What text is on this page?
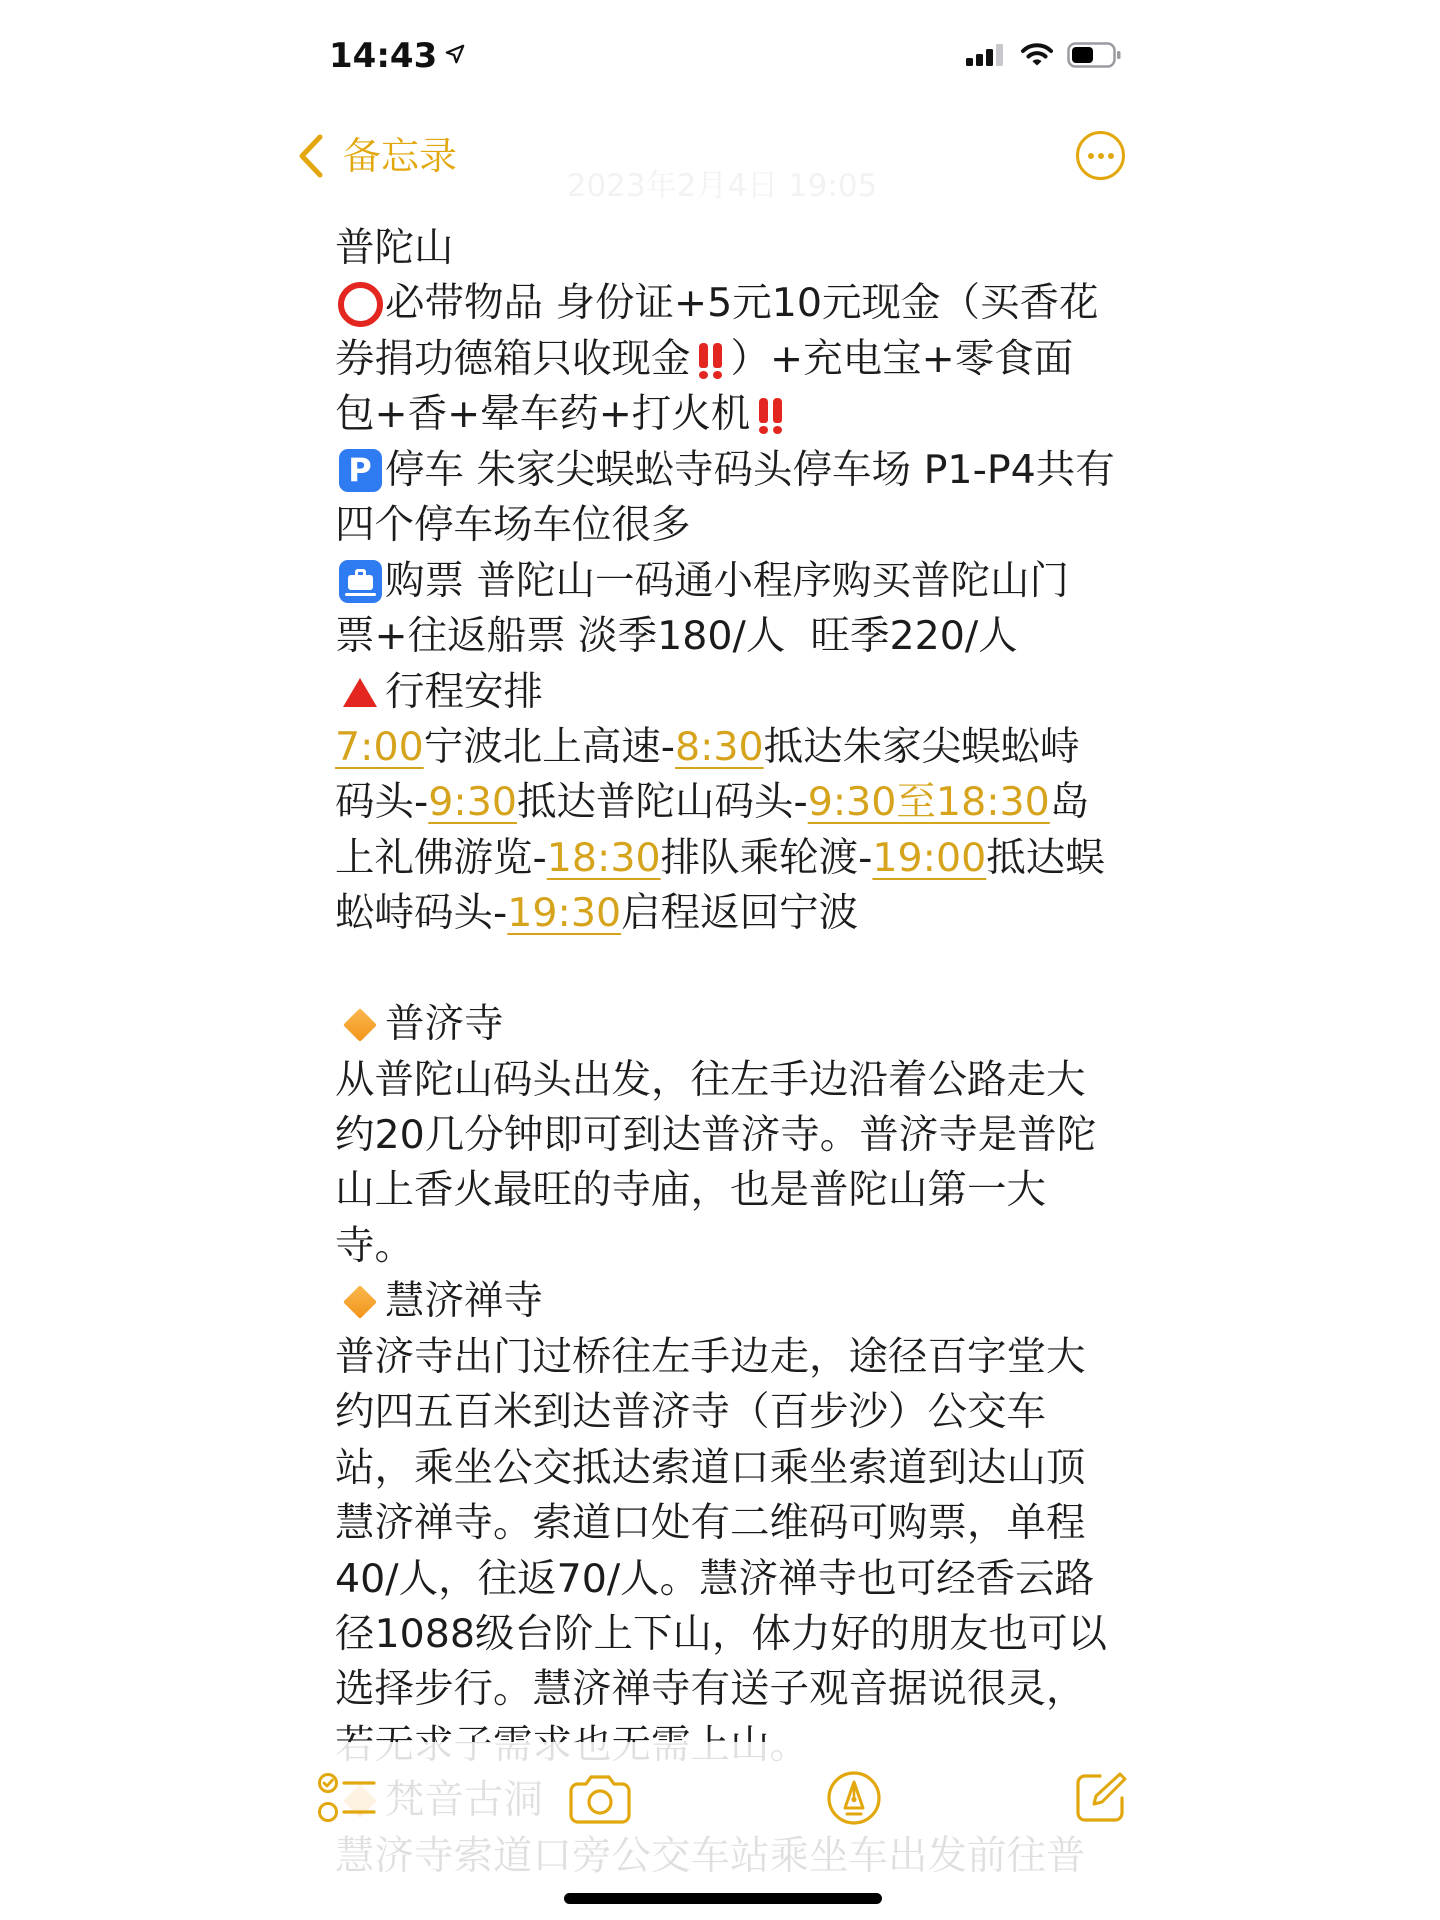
14:43
备忘录
2023年2月4日 19:05
普陀山
必带物品 身份证+5元10元现金（买香花
券捐功德箱只收现金 ）+充电宝+零食面
包+香+晕车药+打火机
P 停车 朱家尖蜈蚣寺码头停车场 P1-P4共有
四个停车场车位很多
购票 普陀山一码通小程序购买普陀山门
票+往返船票 淡季180/人  旺季220/人
行程安排
7:00 宁波北上高速- 8:30 抵达朱家尖蜈蚣峙
码头- 9:30 抵达普陀山码头- 9:30至18:30 岛
上礼佛游览- 18:30 排队乘轮渡- 19:00 抵达蜈
蚣峙码头- 19:30 启程返回宁波
普济寺
从普陀山码头出发，往左手边沿着公路走大
约20几分钟即可到达普济寺。普济寺是普陀
山上香火最旺的寺庙，也是普陀山第一大
寺。
慧济禅寺
普济寺出门过桥往左手边走，途径百字堂大
约四五百米到达普济寺（百步沙）公交车
站，乘坐公交抵达索道口乘坐索道到达山顶
慧济禅寺。索道口处有二维码可购票，单程
40/人，往返70/人。慧济禅寺也可经香云路
径1088级台阶上下山，体力好的朋友也可以
选择步行。慧济禅寺有送子观音据说很灵，
